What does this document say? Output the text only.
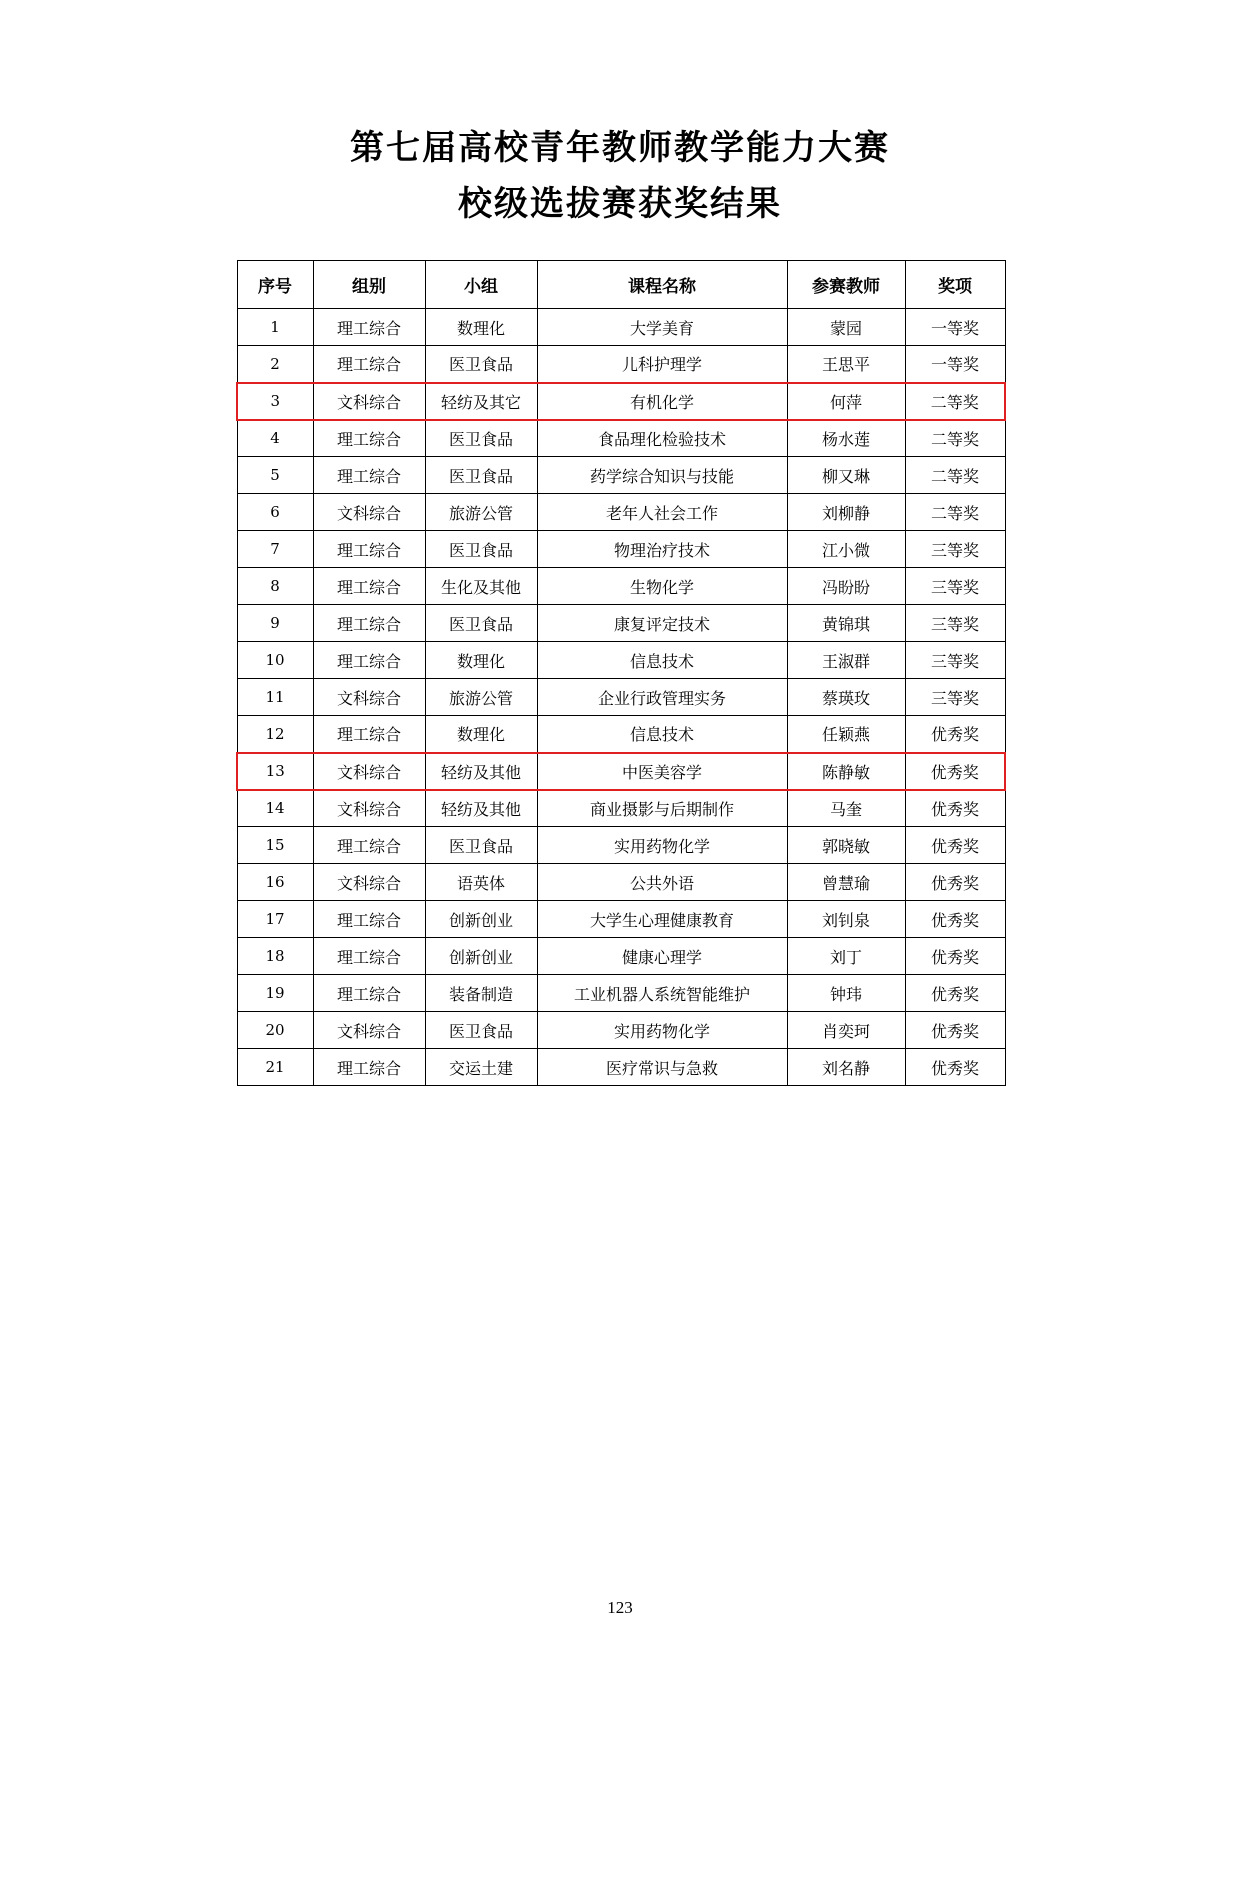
第七届高校青年教师教学能力大赛
校级选拔赛获奖结果
序号	组别	小组	课程名称	参赛教师	奖项
1	理工综合	数理化	大学美育	蒙园	一等奖
2	理工综合	医卫食品	儿科护理学	王思平	一等奖
3	文科综合	轻纺及其它	有机化学	何萍	二等奖
4	理工综合	医卫食品	食品理化检验技术	杨水莲	二等奖
5	理工综合	医卫食品	药学综合知识与技能	柳又琳	二等奖
6	文科综合	旅游公管	老年人社会工作	刘柳静	二等奖
7	理工综合	医卫食品	物理治疗技术	江小微	三等奖
8	理工综合	生化及其他	生物化学	冯盼盼	三等奖
9	理工综合	医卫食品	康复评定技术	黄锦琪	三等奖
10	理工综合	数理化	信息技术	王淑群	三等奖
11	文科综合	旅游公管	企业行政管理实务	蔡瑛玫	三等奖
12	理工综合	数理化	信息技术	任颖燕	优秀奖
13	文科综合	轻纺及其他	中医美容学	陈静敏	优秀奖
14	文科综合	轻纺及其他	商业摄影与后期制作	马奎	优秀奖
15	理工综合	医卫食品	实用药物化学	郭晓敏	优秀奖
16	文科综合	语英体	公共外语	曾慧瑜	优秀奖
17	理工综合	创新创业	大学生心理健康教育	刘钊泉	优秀奖
18	理工综合	创新创业	健康心理学	刘丁	优秀奖
19	理工综合	装备制造	工业机器人系统智能维护	钟玮	优秀奖
20	文科综合	医卫食品	实用药物化学	肖奕珂	优秀奖
21	理工综合	交运土建	医疗常识与急救	刘名静	优秀奖
123
